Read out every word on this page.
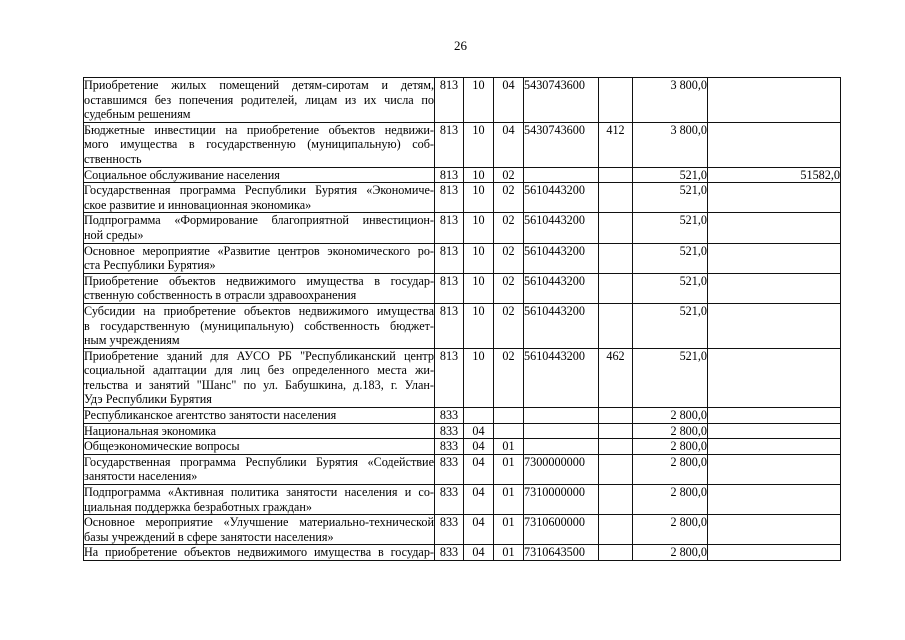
26
Приобретение жилых помещений детям-сиротам и детям,
оставшимся без попечения родителей, лицам из их числа по
судебным решениям	813	10	04	5430743600		3 800,0	

Бюджетные инвестиции на приобретение объектов недвижи-
мого имущества в государственную (муниципальную) соб-
ственность	813	10	04	5430743600	412	3 800,0	

Социальное обслуживание населения	813	10	02			521,0	51582,0

Государственная программа Республики Бурятия «Экономиче-
ское развитие и инновационная экономика»	813	10	02	5610443200		521,0	

Подпрограмма «Формирование благоприятной инвестицион-
ной среды»	813	10	02	5610443200		521,0	

Основное мероприятие «Развитие центров экономического ро-
ста Республики Бурятия»	813	10	02	5610443200		521,0	

Приобретение объектов недвижимого имущества в государ-
ственную собственность в отрасли здравоохранения	813	10	02	5610443200		521,0	

Субсидии на приобретение объектов недвижимого имущества
в государственную (муниципальную) собственность бюджет-
ным учреждениям	813	10	02	5610443200		521,0	

Приобретение зданий для АУСО РБ "Республиканский центр
социальной адаптации для лиц без определенного места жи-
тельства и занятий "Шанс" по ул. Бабушкина, д.183, г. Улан-
Удэ Республики Бурятия	813	10	02	5610443200	462	521,0	

Республиканское агентство занятости населения	833					2 800,0	

Национальная экономика	833	04				2 800,0	

Общеэкономические вопросы	833	04	01			2 800,0	

Государственная программа Республики Бурятия «Содействие
занятости населения»	833	04	01	7300000000		2 800,0	

Подпрограмма «Активная политика занятости населения и со-
циальная поддержка безработных граждан»	833	04	01	7310000000		2 800,0	

Основное мероприятие «Улучшение материально-технической
базы учреждений в сфере занятости населения»	833	04	01	7310600000		2 800,0	

На приобретение объектов недвижимого имущества в государ-	833	04	01	7310643500		2 800,0	
